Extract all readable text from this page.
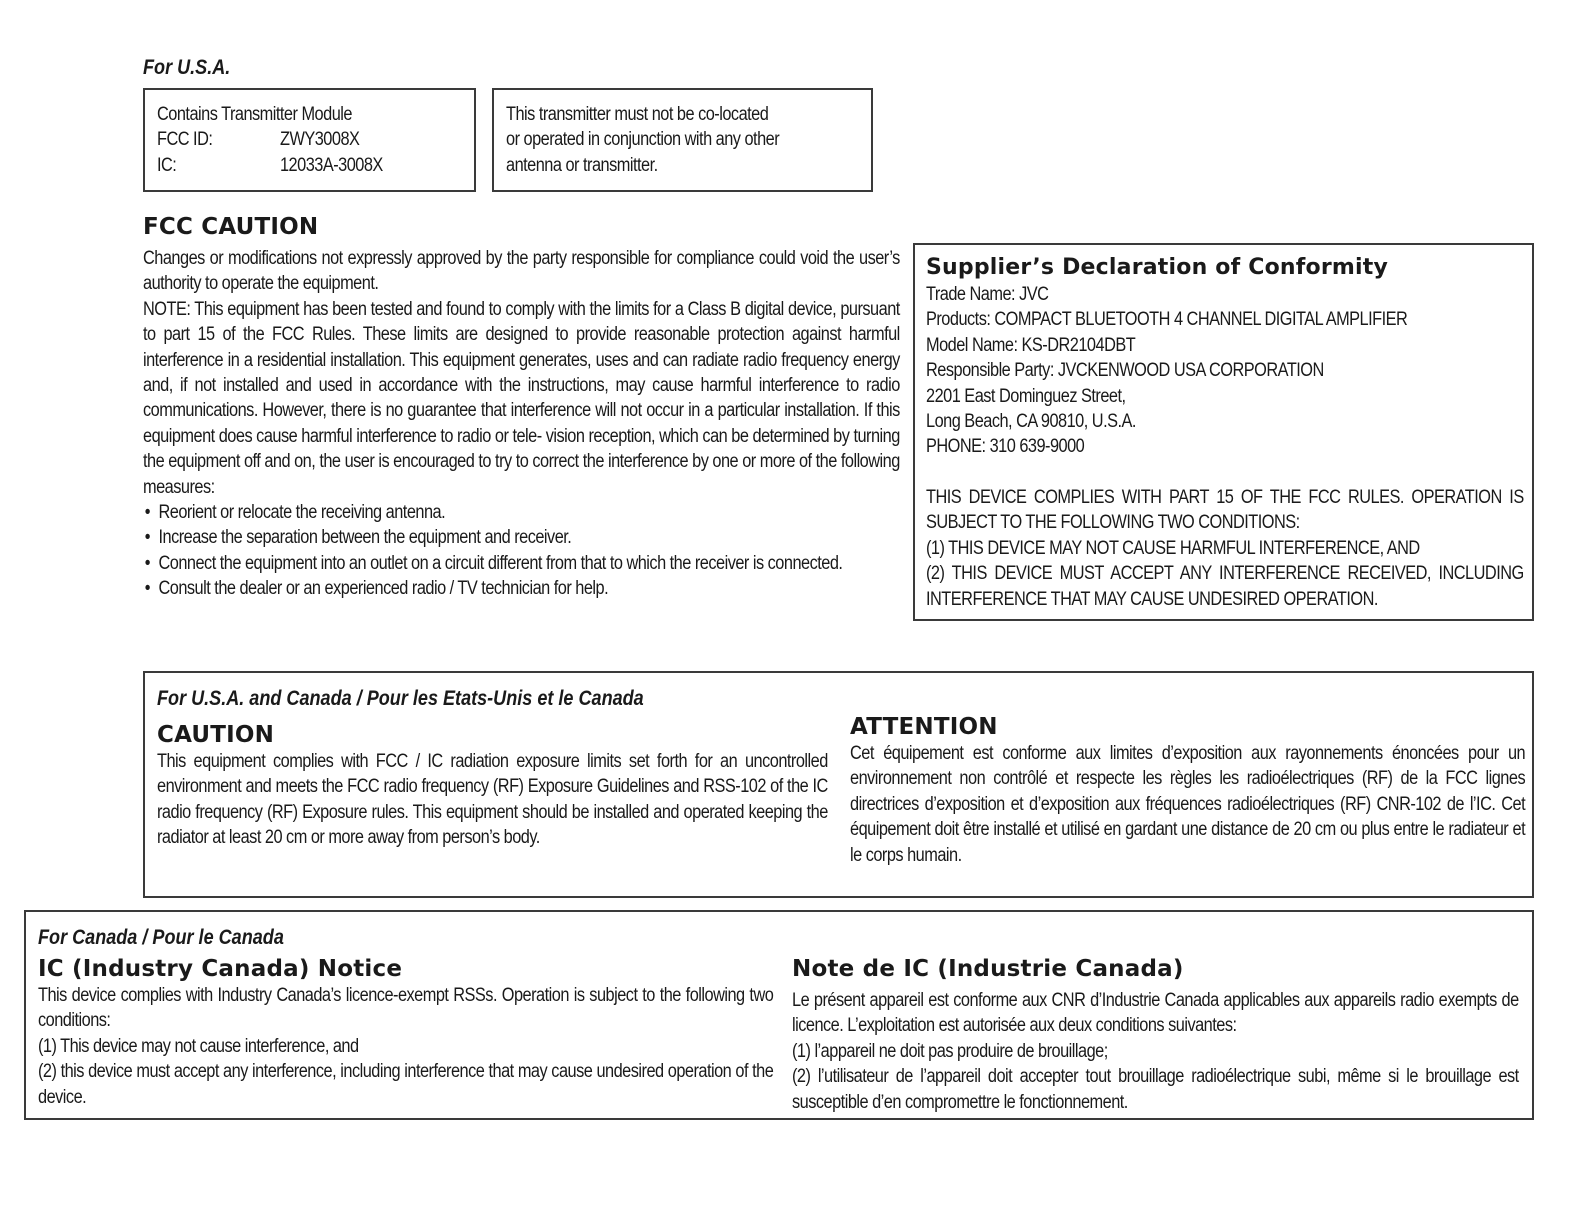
For U.S.A.
Contains Transmitter Module
FCC ID:	ZWY3008X
IC:	12033A-3008X
This transmitter must not be co-located
or operated in conjunction with any other
antenna or transmitter.
FCC CAUTION
Changes or modifications not expressly approved by the party responsible for compliance could void the user’s authority to operate the equipment.
NOTE: This equipment has been tested and found to comply with the limits for a Class B digital device, pursuant to part 15 of the FCC Rules. These limits are designed to provide reasonable protection against harmful interference in a residential installation. This equipment generates, uses and can radiate radio frequency energy and, if not installed and used in accordance with the instructions, may cause harmful interference to radio communications. However, there is no guarantee that interference will not occur in a particular installation. If this equipment does cause harmful interference to radio or tele- vision reception, which can be determined by turning the equipment off and on, the user is encouraged to try to correct the interference by one or more of the following measures:
• Reorient or relocate the receiving antenna.
• Increase the separation between the equipment and receiver.
• Connect the equipment into an outlet on a circuit different from that to which the receiver is connected.
• Consult the dealer or an experienced radio / TV technician for help.
Supplier’s Declaration of Conformity
Trade Name: JVC
Products: COMPACT BLUETOOTH 4 CHANNEL DIGITAL AMPLIFIER
Model Name: KS-DR2104DBT
Responsible Party: JVCKENWOOD USA CORPORATION
2201 East Dominguez Street,
Long Beach, CA 90810, U.S.A.
PHONE: 310 639-9000
THIS DEVICE COMPLIES WITH PART 15 OF THE FCC RULES. OPERATION IS SUBJECT TO THE FOLLOWING TWO CONDITIONS:
(1) THIS DEVICE MAY NOT CAUSE HARMFUL INTERFERENCE, AND
(2) THIS DEVICE MUST ACCEPT ANY INTERFERENCE RECEIVED, INCLUDING INTERFERENCE THAT MAY CAUSE UNDESIRED OPERATION.
For U.S.A. and Canada / Pour les Etats-Unis et le Canada
CAUTION
This equipment complies with FCC / IC radiation exposure limits set forth for an uncontrolled environment and meets the FCC radio frequency (RF) Exposure Guidelines and RSS-102 of the IC radio frequency (RF) Exposure rules. This equipment should be installed and operated keeping the radiator at least 20 cm or more away from person’s body.
ATTENTION
Cet équipement est conforme aux limites d’exposition aux rayonnements énoncées pour un environnement non contrôlé et respecte les règles les radioélectriques (RF) de la FCC lignes directrices d’exposition et d’exposition aux fréquences radioélectriques (RF) CNR-102 de l’IC. Cet équipement doit être installé et utilisé en gardant une distance de 20 cm ou plus entre le radiateur et le corps humain.
For Canada / Pour le Canada
IC (Industry Canada) Notice
This device complies with Industry Canada’s licence-exempt RSSs. Operation is subject to the following two conditions:
(1) This device may not cause interference, and
(2) this device must accept any interference, including interference that may cause undesired operation of the device.
Note de IC (Industrie Canada)
Le présent appareil est conforme aux CNR d’Industrie Canada applicables aux appareils radio exempts de licence. L’exploitation est autorisée aux deux conditions suivantes:
(1) l’appareil ne doit pas produire de brouillage;
(2) l’utilisateur de l’appareil doit accepter tout brouillage radioélectrique subi, même si le brouillage est susceptible d’en compromettre le fonctionnement.
